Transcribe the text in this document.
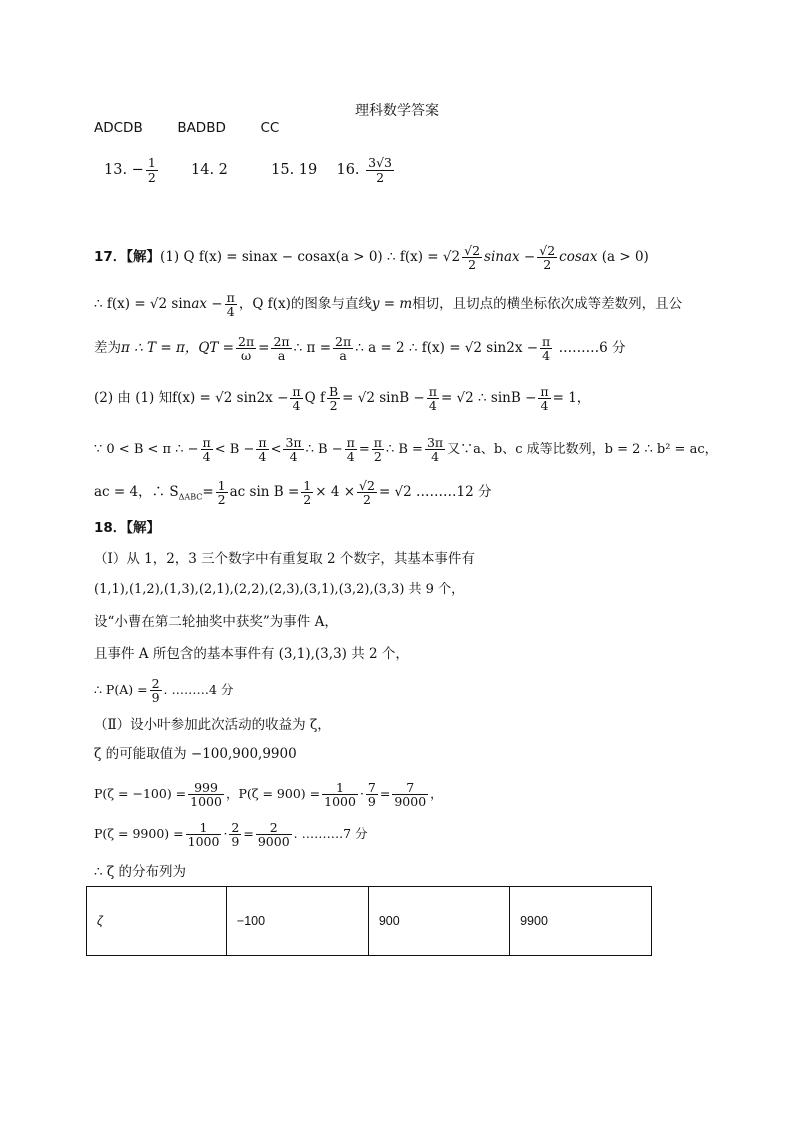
理科数学答案
ADCDB	BADBD	CC
13. − $\frac{1}{2} 14$. 2	15. 19 16. $\frac{3√3}{2}$
17．【解】(1) Q f(x) = sinax − cosax(a > 0) ∴ $f(x) = √2 \frac{√2}{2}$ sinax − $\frac{√2}{2}$ cosax (a > 0)
∴ f(x) = √2 sinax − $\frac{\pi}{4}$ ，Q f(x)的图象与直线y = m相切，且切点的横坐标依次成等差数列，且公
差为π ∴ T = π，QT = $\frac{2\pi}{\omega} = \frac{2\pi}{a}$ ∴ $\pi = \frac{2\pi}{a}$ ∴ a = 2 ∴ f(x) = √2 $\sin 2x - \frac{\pi}{4}$ ………6 分
(2) 由 (1) 知f(x) = √2 $\sin 2x - \frac{\pi}{4}$ Q f $\frac{B}{2} = √2$ $\sin B - \frac{\pi}{4} = √2$ ∴ $\sin B - \frac{\pi}{4} = 1$，
∵ 0 < B < π ∴ − $\frac{\pi}{4} < B - \frac{\pi}{4} < \frac{3\pi}{4}$ ∴ $B - \frac{\pi}{4} = \frac{\pi}{2}$ ∴ $B = \frac{3\pi}{4}$ 又∵a、b、c 成等比数列，b = 2 ∴ b² = ac，
ac = 4，∴ $S_{\Delta ABC}= \frac{1}{2}$ ac $\sin B = \frac{1}{2} \times 4 \times \frac{√2}{2} = √2$ ………12 分
18．【解】
（Ⅰ）从 1，2，3 三个数字中有重复取 2 个数字，其基本事件有
(1,1),(1,2),(1,3),(2,1),(2,2),(2,3),(3,1),(3,2),(3,3) 共 9 个，
设“小曹在第二轮抽奖中获奖”为事件 A，
且事件 A 所包含的基本事件有 (3,1),(3,3) 共 2 个，
∴ $P(A) = \frac{2}{9}$ . ………4 分
（Ⅱ）设小叶参加此次活动的收益为 ζ，
ζ 的可能取值为 −100,900,9900
$P(\zeta = -100) = \frac{999}{1000}$ ，$P(\zeta = 900) = \frac{1}{1000} \cdot \frac{7}{9} = \frac{7}{9000}$ ，
$P(\zeta = 9900) = \frac{1}{1000} \cdot \frac{2}{9} = \frac{2}{9000}$ . ……….7 分
∴ ζ 的分布列为
ζ	−100	900	9900
